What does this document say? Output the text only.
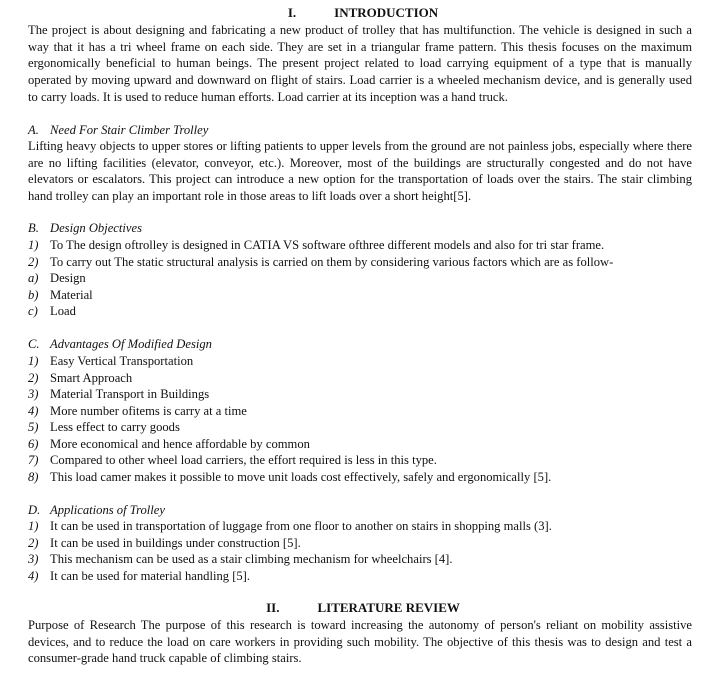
I.	INTRODUCTION
The project is about designing and fabricating a new product of trolley that has multifunction. The vehicle is designed in such a way that it has a tri wheel frame on each side. They are set in a triangular frame pattern. This thesis focuses on the maximum ergonomically beneficial to human beings. The present project related to load carrying equipment of a type that is manually operated by moving upward and downward on flight of stairs. Load carrier is a wheeled mechanism device, and is generally used to carry loads. It is used to reduce human efforts. Load carrier at its inception was a hand truck.
A. Need For Stair Climber Trolley
Lifting heavy objects to upper stores or lifting patients to upper levels from the ground are not painless jobs, especially where there are no lifting facilities (elevator, conveyor, etc.). Moreover, most of the buildings are structurally congested and do not have elevators or escalators. This project can introduce a new option for the transportation of loads over the stairs. The stair climbing hand trolley can play an important role in those areas to lift loads over a short height[5].
B. Design Objectives
1) To The design oftrolley is designed in CATIA VS software ofthree different models and also for tri star frame.
2) To carry out The static structural analysis is carried on them by considering various factors which are as follow-
a) Design
b) Material
c) Load
C. Advantages Of Modified Design
1) Easy Vertical Transportation
2) Smart Approach
3) Material Transport in Buildings
4) More number ofitems is carry at a time
5) Less effect to carry goods
6) More economical and hence affordable by common
7) Compared to other wheel load carriers, the effort required is less in this type.
8) This load camer makes it possible to move unit loads cost effectively, safely and ergonomically [5].
D. Applications of Trolley
1) It can be used in transportation of luggage from one floor to another on stairs in shopping malls (3].
2) It can be used in buildings under construction [5].
3) This mechanism can be used as a stair climbing mechanism for wheelchairs [4].
4) It can be used for material handling [5].
II.	LITERATURE REVIEW
Purpose of Research The purpose of this research is toward increasing the autonomy of person's reliant on mobility assistive devices, and to reduce the load on care workers in providing such mobility. The objective of this thesis was to design and test a consumer-grade hand truck capable of climbing stairs.
